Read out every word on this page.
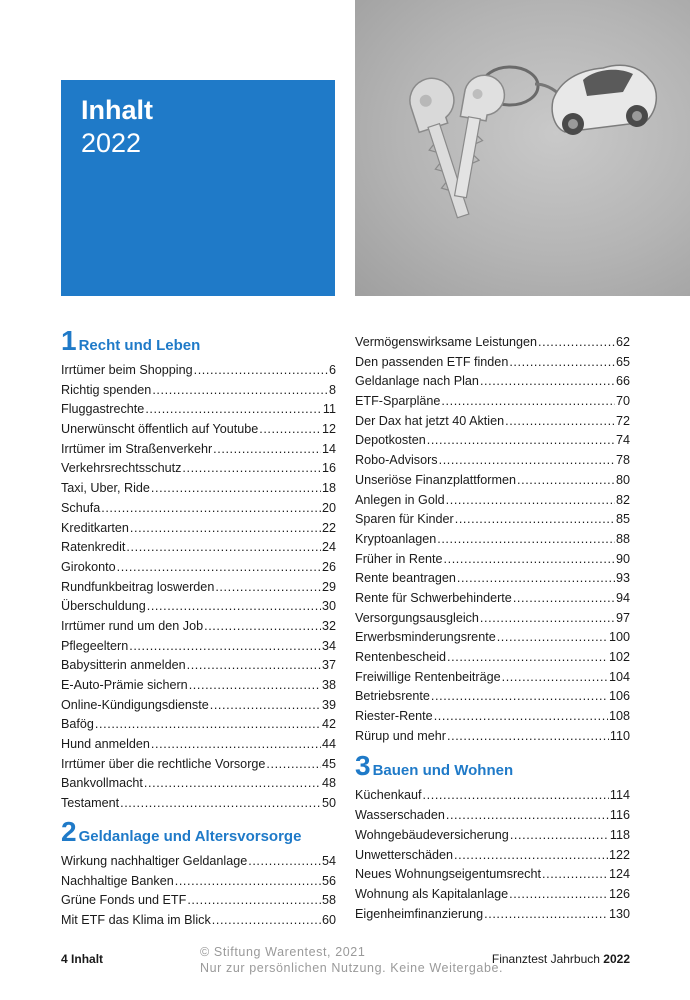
Inhalt
2022
1 Recht und Leben
Irrtümer beim Shopping .....	6
Richtig spenden .....	8
Fluggastrechte .....	11
Unerwünscht öffentlich auf Youtube .....	12
Irrtümer im Straßenverkehr .....	14
Verkehrsrechtsschutz .....	16
Taxi, Uber, Ride .....	18
Schufa .....	20
Kreditkarten .....	22
Ratenkredit .....	24
Girokonto .....	26
Rundfunkbeitrag loswerden .....	29
Überschuldung .....	30
Irrtümer rund um den Job .....	32
Pflegeeltern .....	34
Babysitterin anmelden .....	37
E-Auto-Prämie sichern .....	38
Online-Kündigungsdienste .....	39
Bafög .....	42
Hund anmelden .....	44
Irrtümer über die rechtliche Vorsorge .....	45
Bankvollmacht .....	48
Testament .....	50
2 Geldanlage und Altersvorsorge
Wirkung nachhaltiger Geldanlage .....	54
Nachhaltige Banken .....	56
Grüne Fonds und ETF .....	58
Mit ETF das Klima im Blick .....	60
Vermögenswirksame Leistungen .....	62
Den passenden ETF finden .....	65
Geldanlage nach Plan .....	66
ETF-Sparpläne .....	70
Der Dax hat jetzt 40 Aktien .....	72
Depotkosten .....	74
Robo-Advisors .....	78
Unseriöse Finanzplattformen .....	80
Anlegen in Gold .....	82
Sparen für Kinder .....	85
Kryptoanlagen .....	88
Früher in Rente .....	90
Rente beantragen .....	93
Rente für Schwerbehinderte .....	94
Versorgungsausgleich .....	97
Erwerbsminderungsrente .....	100
Rentenbescheid .....	102
Freiwillige Rentenbeiträge .....	104
Betriebsrente .....	106
Riester-Rente .....	108
Rürup und mehr .....	110
3 Bauen und Wohnen
Küchenkauf .....	114
Wasserschaden .....	116
Wohngebäudeversicherung .....	118
Unwetterschäden .....	122
Neues Wohnungseigentumsrecht .....	124
Wohnung als Kapitalanlage .....	126
Eigenheimfinanzierung .....	130
4 Inhalt	© Stiftung Warentest, 2021
Nur zur persönlichen Nutzung. Keine Weitergabe.
Finanztest Jahrbuch 2022
